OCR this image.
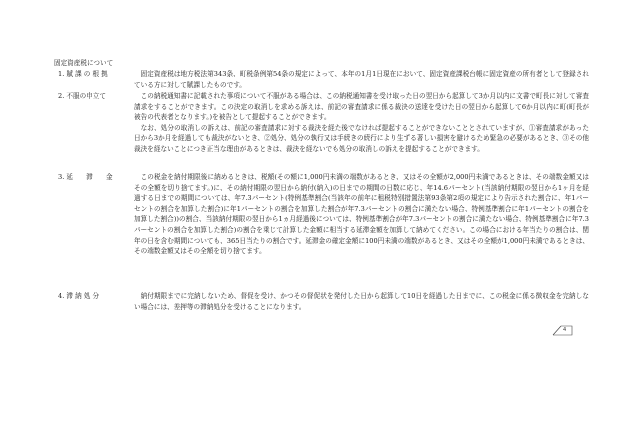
固定資産税について
1. 賦 課 の 根 拠	固定資産税は地方税法第343条、町税条例第54条の規定によって、本年の1月1日現在において、固定資産課税台帳に固定資産の所有者として登録されている方に対して賦課したものです。

2. 不服の申立て	この納税通知書に記載された事項について不服がある場合は、この納税通知書を受け取った日の翌日から起算して3か月以内に文書で町長に対して審査請求をすることができます。この決定の取消しを求める訴えは、前記の審査請求に係る裁決の送達を受けた日の翌日から起算して6か月以内に町(町長が被告の代表者となります。)を被告として提起することができます。

なお、処分の取消しの訴えは、前記の審査請求に対する裁決を経た後でなければ提起することができないこととされていますが、①審査請求があった日から3か月を経過しても裁決がないとき、②処分、処分の執行又は手続きの続行により生ずる著しい損害を避けるため緊急の必要があるとき、③その他裁決を経ないことにつき正当な理由があるときは、裁決を経ないでも処分の取消しの訴えを提起することができます。

3. 延　　滞　　金	この税金を納付期限後に納めるときは、税額(その額に1,000円未満の端数があるとき、又はその全額が2,000円未満であるときは、その端数金額又はその全額を切り捨てます。)に、その納付期限の翌日から納付(納入)の日までの期間の日数に応じ、年14.6パーセント(当該納付期限の翌日から1ヶ月を経過する日までの期間については、年7.3パーセント(特例基準割合(当該年の前年に租税特別措置法第93条第2項の規定により告示された割合に、年1パーセントの割合を加算した割合)に年1パーセントの割合を加算した割合が年7.3パーセントの割合に満たない場合、特例基準割合に年1パーセントの割合を加算した割合))の割合、当該納付期限の翌日から1ヵ月経過後については、特例基準割合が年7.3パーセントの割合に満たない場合、特例基準割合に年7.3パーセントの割合を加算した割合)の割合を乗じて計算した金額に相当する延滞金額を加算して納めてください。この場合における年当たりの割合は、閏年の日を含む期間についても、365日当たりの割合です。延滞金の確定金額に100円未満の端数があるとき、又はその全額が1,000円未満であるときは、その端数金額又はその全額を切り捨てます。

4. 滞 納 処 分	納付期限までに完納しないため、督促を受け、かつその督促状を発付した日から起算して10日を経過した日までに、この税金に係る徴収金を完納しない場合には、差押等の滞納処分を受けることになります。

4
